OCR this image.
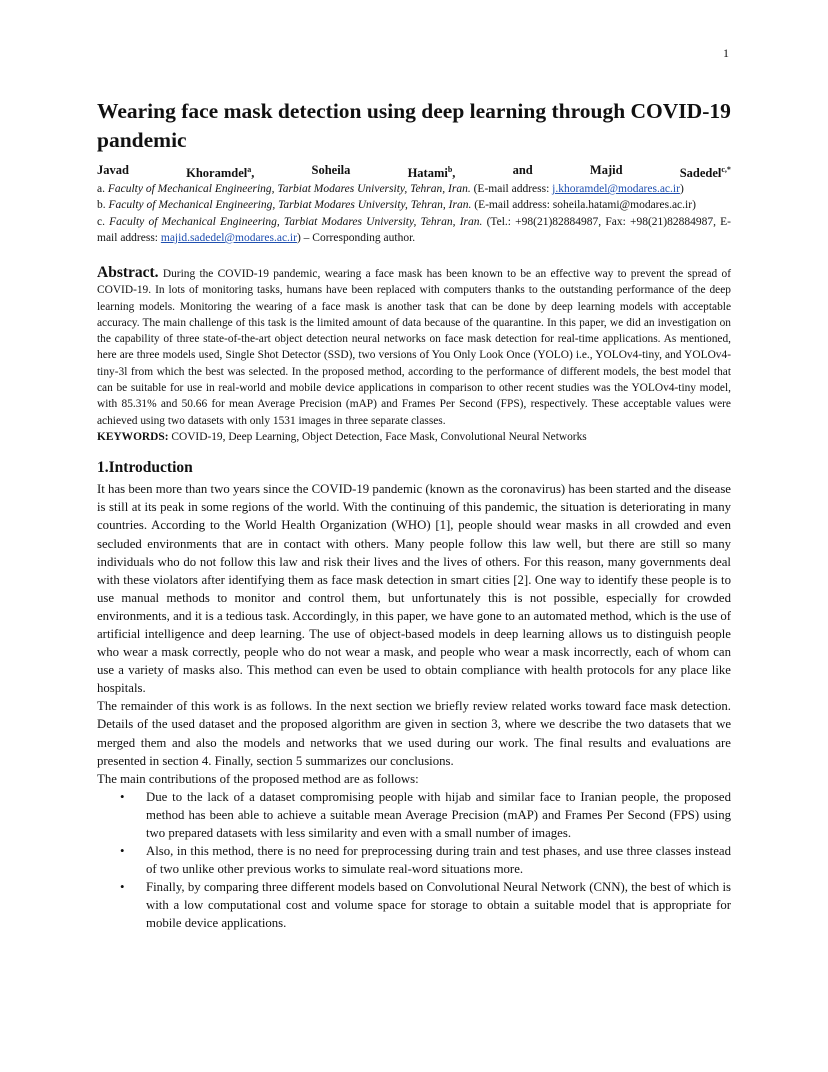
1
Wearing face mask detection using deep learning through COVID-19 pandemic
Javad	Khoramdel$^a$,	Soheila	Hatami$^b$,	and	Majid	Sadedel$^{c,*}$

a. Faculty of Mechanical Engineering, Tarbiat Modares University, Tehran, Iran. (E-mail address: j.khoramdel@modares.ac.ir)

b. Faculty of Mechanical Engineering, Tarbiat Modares University, Tehran, Iran. (E-mail address: soheila.hatami@modares.ac.ir)

c. Faculty of Mechanical Engineering, Tarbiat Modares University, Tehran, Iran. (Tel.: +98(21)82884987, Fax: +98(21)82884987, E-mail address: majid.sadedel@modares.ac.ir) – Corresponding author.

Abstract. During the COVID-19 pandemic, wearing a face mask has been known to be an effective way to prevent the spread of COVID-19. In lots of monitoring tasks, humans have been replaced with computers thanks to the outstanding performance of the deep learning models. Monitoring the wearing of a face mask is another task that can be done by deep learning models with acceptable accuracy. The main challenge of this task is the limited amount of data because of the quarantine. In this paper, we did an investigation on the capability of three state-of-the-art object detection neural networks on face mask detection for real-time applications. As mentioned, here are three models used, Single Shot Detector (SSD), two versions of You Only Look Once (YOLO) i.e., YOLOv4-tiny, and YOLOv4-tiny-3l from which the best was selected. In the proposed method, according to the performance of different models, the best model that can be suitable for use in real-world and mobile device applications in comparison to other recent studies was the YOLOv4-tiny model, with 85.31% and 50.66 for mean Average Precision (mAP) and Frames Per Second (FPS), respectively. These acceptable values were achieved using two datasets with only 1531 images in three separate classes.
KEYWORDS: COVID-19, Deep Learning, Object Detection, Face Mask, Convolutional Neural Networks
1.Introduction

It has been more than two years since the COVID-19 pandemic (known as the coronavirus) has been started and the disease is still at its peak in some regions of the world. With the continuing of this pandemic, the situation is deteriorating in many countries. According to the World Health Organization (WHO) [1], people should wear masks in all crowded and even secluded environments that are in contact with others. Many people follow this law well, but there are still so many individuals who do not follow this law and risk their lives and the lives of others. For this reason, many governments deal with these violators after identifying them as face mask detection in smart cities [2]. One way to identify these people is to use manual methods to monitor and control them, but unfortunately this is not possible, especially for crowded environments, and it is a tedious task. Accordingly, in this paper, we have gone to an automated method, which is the use of artificial intelligence and deep learning. The use of object-based models in deep learning allows us to distinguish people who wear a mask correctly, people who do not wear a mask, and people who wear a mask incorrectly, each of whom can use a variety of masks also. This method can even be used to obtain compliance with health protocols for any place like hospitals.

The remainder of this work is as follows. In the next section we briefly review related works toward face mask detection. Details of the used dataset and the proposed algorithm are given in section 3, where we describe the two datasets that we merged them and also the models and networks that we used during our work. The final results and evaluations are presented in section 4. Finally, section 5 summarizes our conclusions.

The main contributions of the proposed method are as follows:

• Due to the lack of a dataset compromising people with hijab and similar face to Iranian people, the proposed method has been able to achieve a suitable mean Average Precision (mAP) and Frames Per Second (FPS) using two prepared datasets with less similarity and even with a small number of images.
• Also, in this method, there is no need for preprocessing during train and test phases, and use three classes instead of two unlike other previous works to simulate real-word situations more.
• Finally, by comparing three different models based on Convolutional Neural Network (CNN), the best of which is with a low computational cost and volume space for storage to obtain a suitable model that is appropriate for mobile device applications.
